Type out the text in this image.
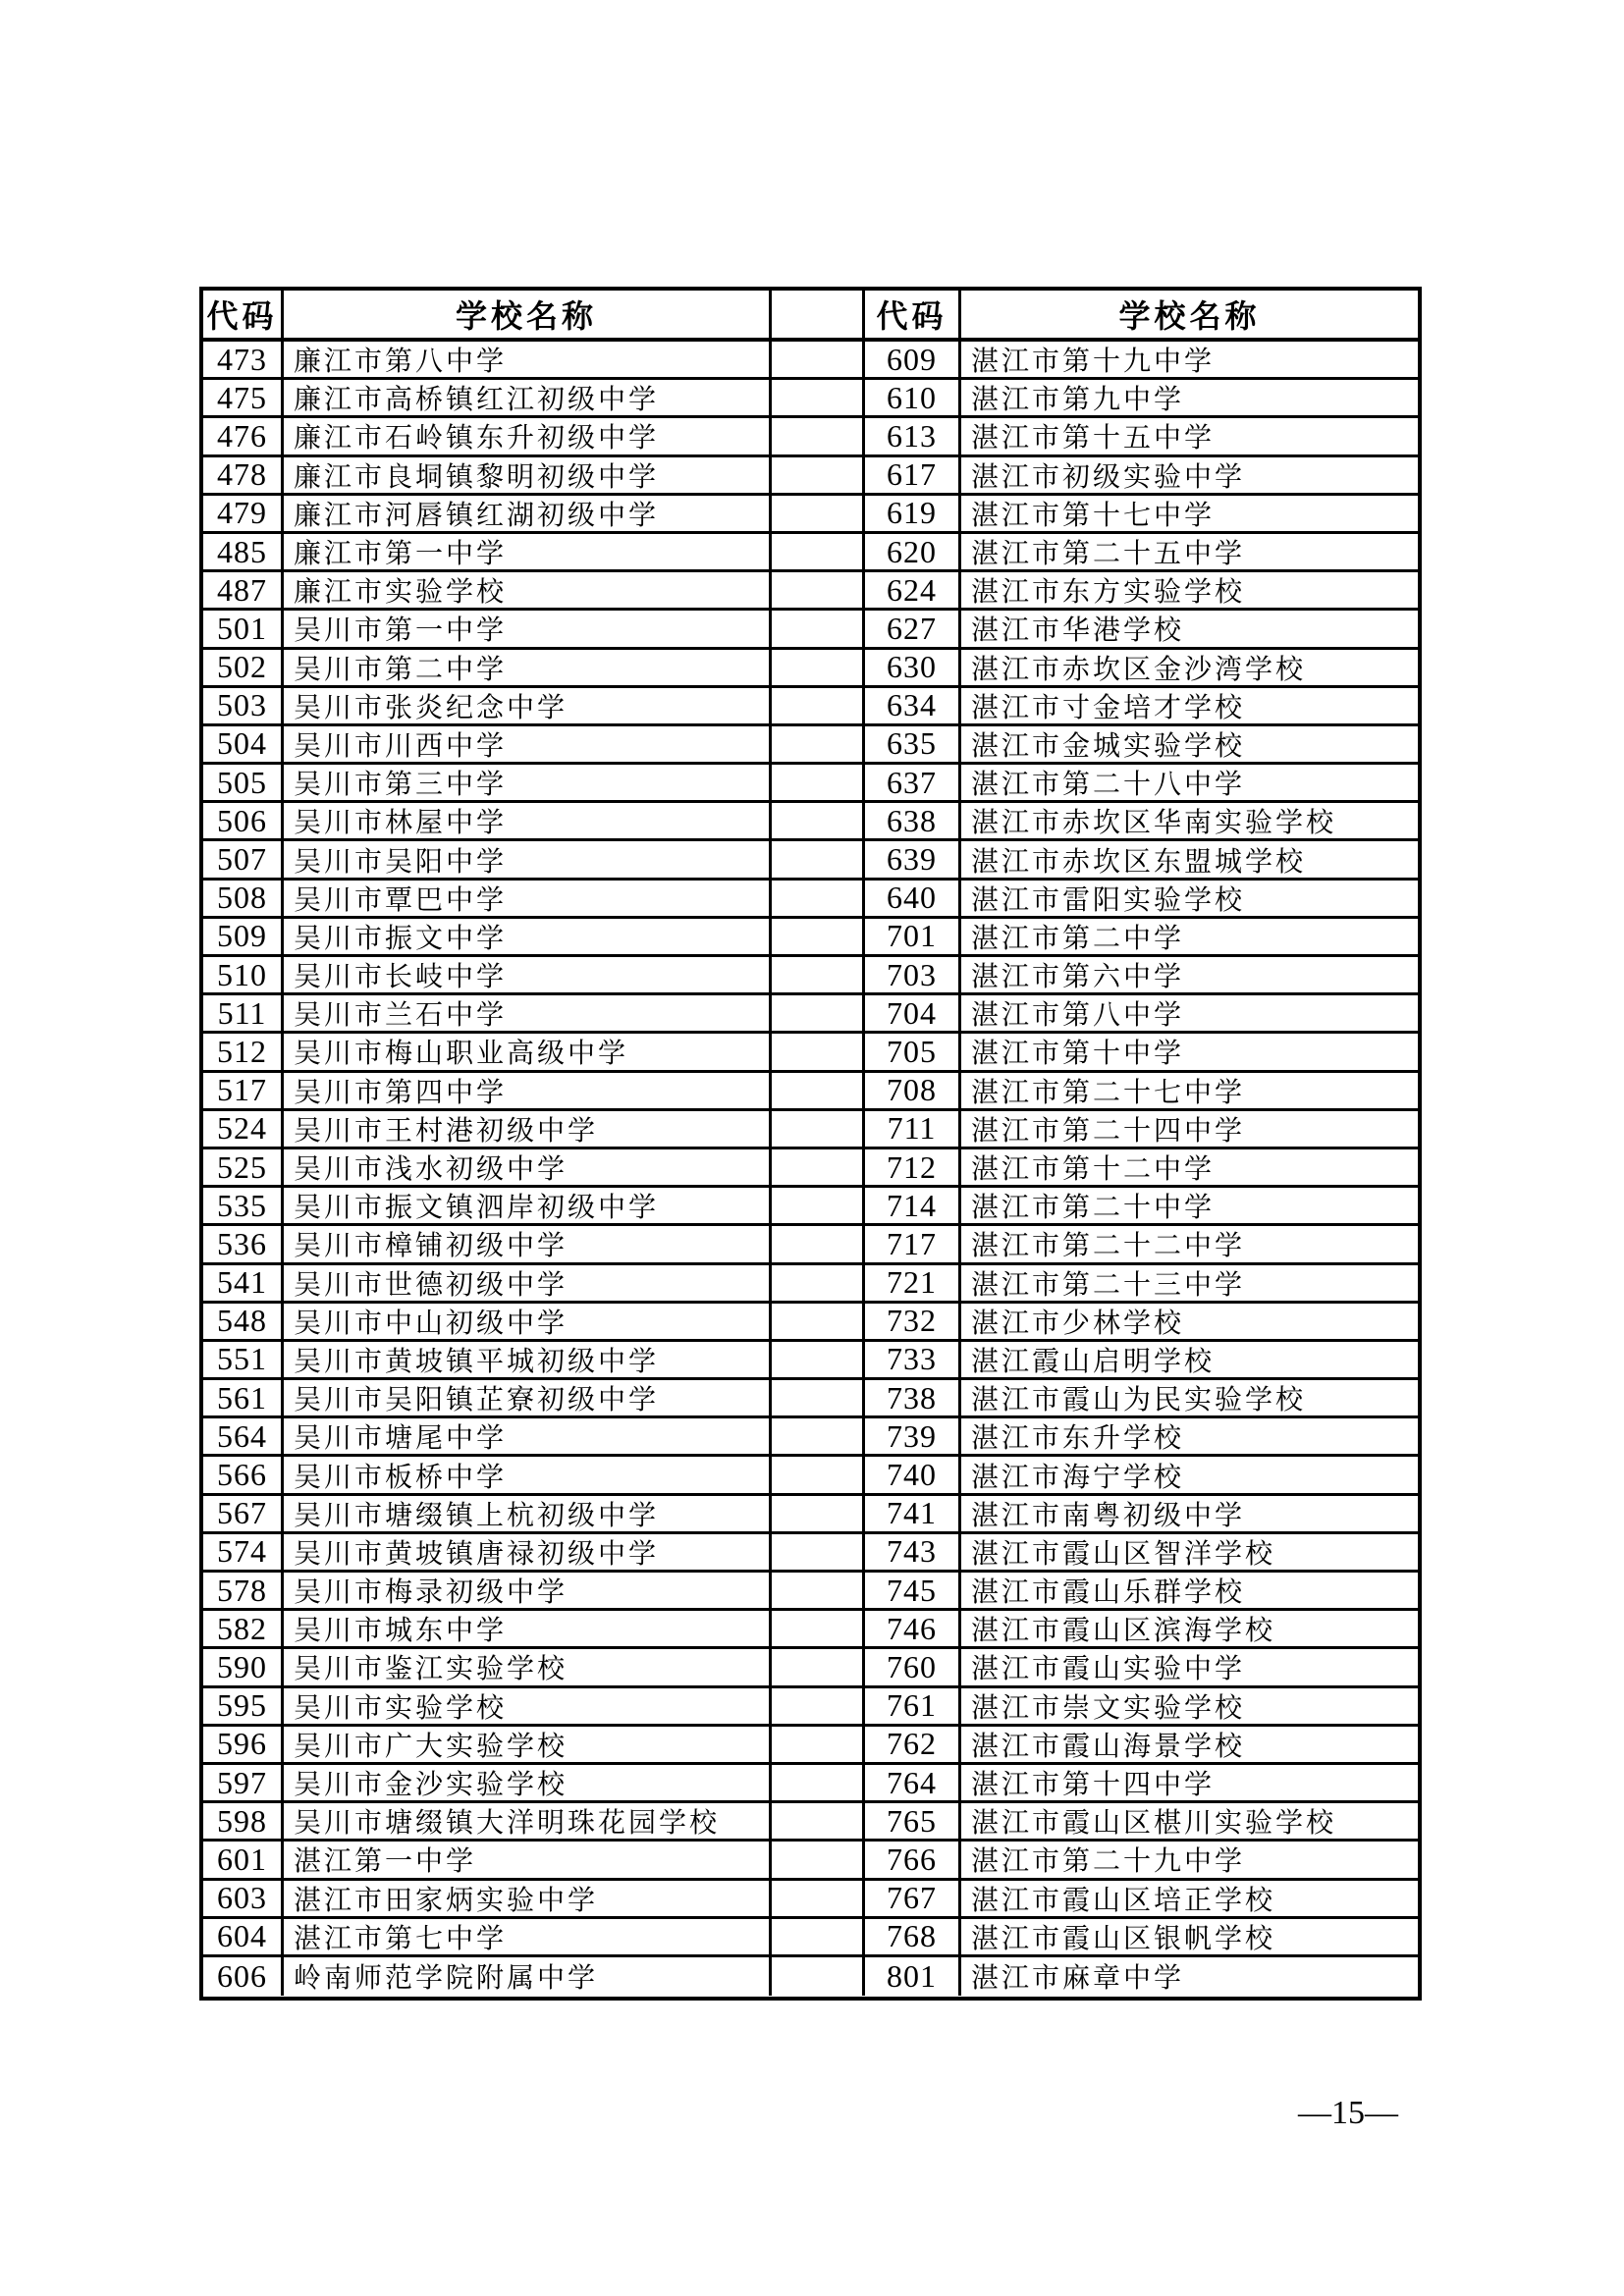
代码	学校名称	代码	学校名称
473 廉江市第八中学	609	湛江市第十九中学
475 廉江市高桥镇红江初级中学	610	湛江市第九中学
476 廉江市石岭镇东升初级中学	613	湛江市第十五中学
478 廉江市良垌镇黎明初级中学	617	湛江市初级实验中学
479 廉江市河唇镇红湖初级中学	619	湛江市第十七中学
485 廉江市第一中学	620	湛江市第二十五中学
487 廉江市实验学校	624	湛江市东方实验学校
501 吴川市第一中学	627	湛江市华港学校
502 吴川市第二中学	630	湛江市赤坎区金沙湾学校
503 吴川市张炎纪念中学	634	湛江市寸金培才学校
504 吴川市川西中学	635	湛江市金城实验学校
505 吴川市第三中学	637	湛江市第二十八中学
506 吴川市林屋中学	638	湛江市赤坎区华南实验学校
507 吴川市吴阳中学	639	湛江市赤坎区东盟城学校
508 吴川市覃巴中学	640	湛江市雷阳实验学校
509 吴川市振文中学	701	湛江市第二中学
510 吴川市长岐中学	703	湛江市第六中学
511 吴川市兰石中学	704	湛江市第八中学
512 吴川市梅山职业高级中学	705	湛江市第十中学
517 吴川市第四中学	708	湛江市第二十七中学
524 吴川市王村港初级中学	711	湛江市第二十四中学
525 吴川市浅水初级中学	712	湛江市第十二中学
535 吴川市振文镇泗岸初级中学	714	湛江市第二十中学
536 吴川市樟铺初级中学	717	湛江市第二十二中学
541 吴川市世德初级中学	721	湛江市第二十三中学
548 吴川市中山初级中学	732	湛江市少林学校
551 吴川市黄坡镇平城初级中学	733	湛江霞山启明学校
561 吴川市吴阳镇芷寮初级中学	738	湛江市霞山为民实验学校
564 吴川市塘尾中学	739	湛江市东升学校
566 吴川市板桥中学	740	湛江市海宁学校
567 吴川市塘缀镇上杭初级中学	741	湛江市南粤初级中学
574 吴川市黄坡镇唐禄初级中学	743	湛江市霞山区智洋学校
578 吴川市梅录初级中学	745	湛江市霞山乐群学校
582 吴川市城东中学	746	湛江市霞山区滨海学校
590 吴川市鉴江实验学校	760	湛江市霞山实验中学
595 吴川市实验学校	761	湛江市崇文实验学校
596 吴川市广大实验学校	762	湛江市霞山海景学校
597 吴川市金沙实验学校	764	湛江市第十四中学
598 吴川市塘缀镇大洋明珠花园学校	765	湛江市霞山区椹川实验学校
601 湛江第一中学	766	湛江市第二十九中学
603 湛江市田家炳实验中学	767	湛江市霞山区培正学校
604 湛江市第七中学	768	湛江市霞山区银帆学校
606 岭南师范学院附属中学	801	湛江市麻章中学
—15—
